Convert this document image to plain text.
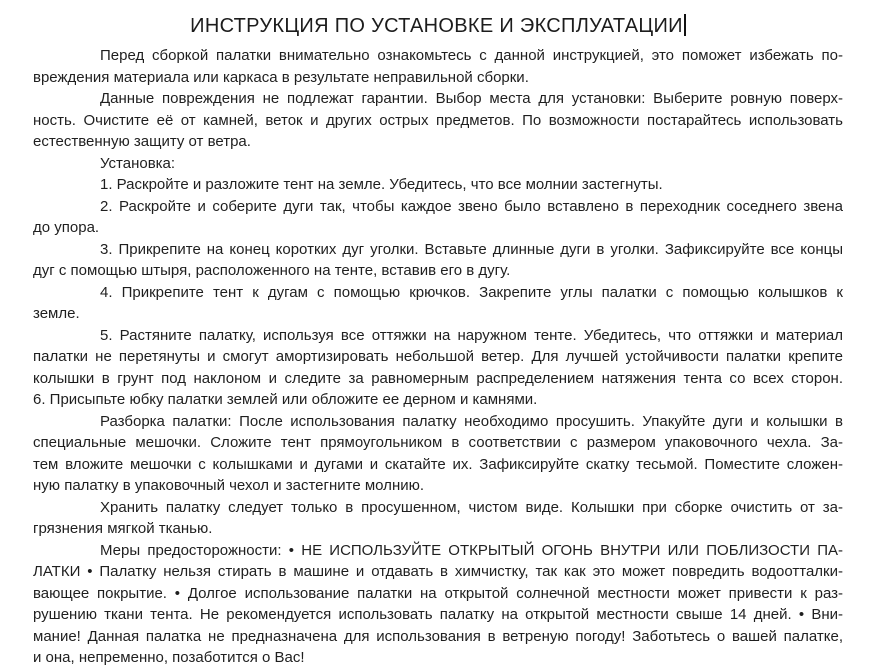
ИНСТРУКЦИЯ ПО УСТАНОВКЕ И ЭКСПЛУАТАЦИИ

Перед сборкой палатки внимательно ознакомьтесь с данной инструкцией, это поможет избежать по-
вреждения материала или каркаса в результате неправильной сборки.

Данные повреждения не подлежат гарантии. Выбор места для установки: Выберите ровную поверх-
ность. Очистите её от камней, веток и других острых предметов. По возможности постарайтесь использовать
естественную защиту от ветра.

Установка:

1. Раскройте и разложите тент на земле. Убедитесь, что все молнии застегнуты.

2. Раскройте и соберите дуги так, чтобы каждое звено было вставлено в переходник соседнего звена
до упора.

3. Прикрепите на конец коротких дуг уголки. Вставьте длинные дуги в уголки. Зафиксируйте все концы
дуг с помощью штыря, расположенного на тенте, вставив его в дугу.

4. Прикрепите тент к дугам с помощью крючков. Закрепите углы палатки с помощью колышков к
земле.

5. Растяните палатку, используя все оттяжки на наружном тенте. Убедитесь, что оттяжки и материал
палатки не перетянуты и смогут амортизировать небольшой ветер. Для лучшей устойчивости палатки крепите
колышки в грунт под наклоном и следите за равномерным распределением натяжения тента со всех сторон.
6. Присыпьте юбку палатки землей или обложите ее дерном и камнями.

Разборка палатки: После использования палатку необходимо просушить. Упакуйте дуги и колышки в
специальные мешочки. Сложите тент прямоугольником в соответствии с размером упаковочного чехла. За-
тем вложите мешочки с колышками и дугами и скатайте их. Зафиксируйте скатку тесьмой. Поместите сложен-
ную палатку в упаковочный чехол и застегните молнию.

Хранить палатку следует только в просушенном, чистом виде. Колышки при сборке очистить от за-
грязнения мягкой тканью.

Меры предосторожности: • НЕ ИСПОЛЬЗУЙТЕ ОТКРЫТЫЙ ОГОНЬ ВНУТРИ ИЛИ ПОБЛИЗОСТИ ПА-
ЛАТКИ • Палатку нельзя стирать в машине и отдавать в химчистку, так как это может повредить водоотталки-
вающее покрытие. • Долгое использование палатки на открытой солнечной местности может привести к раз-
рушению ткани тента. Не рекомендуется использовать палатку на открытой местности свыше 14 дней. • Вни-
мание! Данная палатка не предназначена для использования в ветреную погоду! Заботьтесь о вашей палатке,
и она, непременно, позаботится о Вас!
